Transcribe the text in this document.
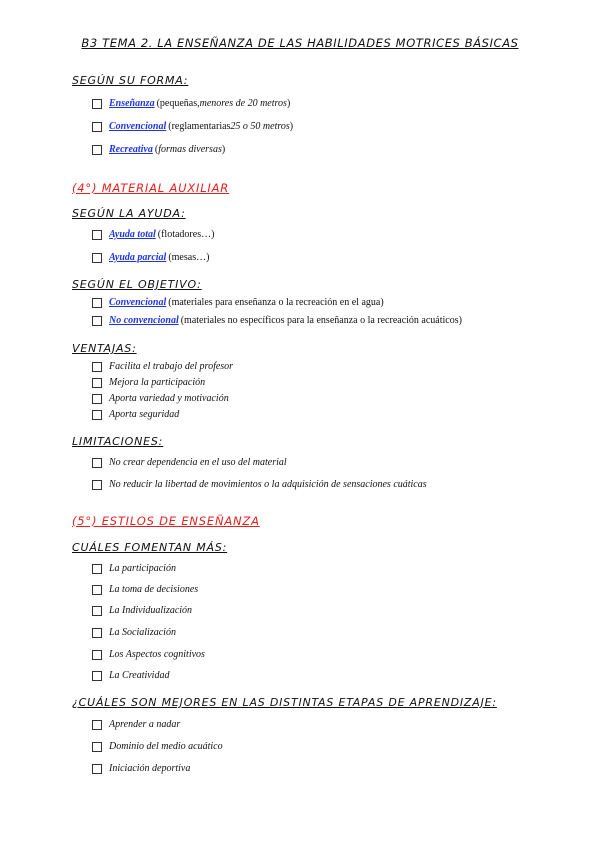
B3 TEMA 2. LA ENSEÑANZA DE LAS HABILIDADES MOTRICES BÁSICAS
SEGÚN SU FORMA:
Enseñanza (pequeñas, menores de 20 metros )
Convencional (reglamentarias 25 o 50 metros )
Recreativa ( formas diversas )
(4°) MATERIAL AUXILIAR
SEGÚN LA AYUDA:
Ayuda total (flotadores…)
Ayuda parcial (mesas…)
SEGÚN EL OBJETIVO:
Convencional (materiales para enseñanza o la recreación en el agua)
No convencional (materiales no específicos para la enseñanza o la recreación acuáticos)
VENTAJAS:
Facilita el trabajo del profesor
Mejora la participación
Aporta variedad y motivación
Aporta seguridad
LIMITACIONES:
No crear dependencia en el uso del material
No reducir la libertad de movimientos o la adquisición de sensaciones cuáticas
(5°) ESTILOS DE ENSEÑANZA
CUÁLES FOMENTAN MÁS:
La participación
La toma de decisiones
La Individualización
La Socialización
Los Aspectos cognitivos
La Creatividad
¿CUÁLES SON MEJORES EN LAS DISTINTAS ETAPAS DE APRENDIZAJE:
Aprender a nadar
Dominio del medio acuático
Iniciación deportiva
